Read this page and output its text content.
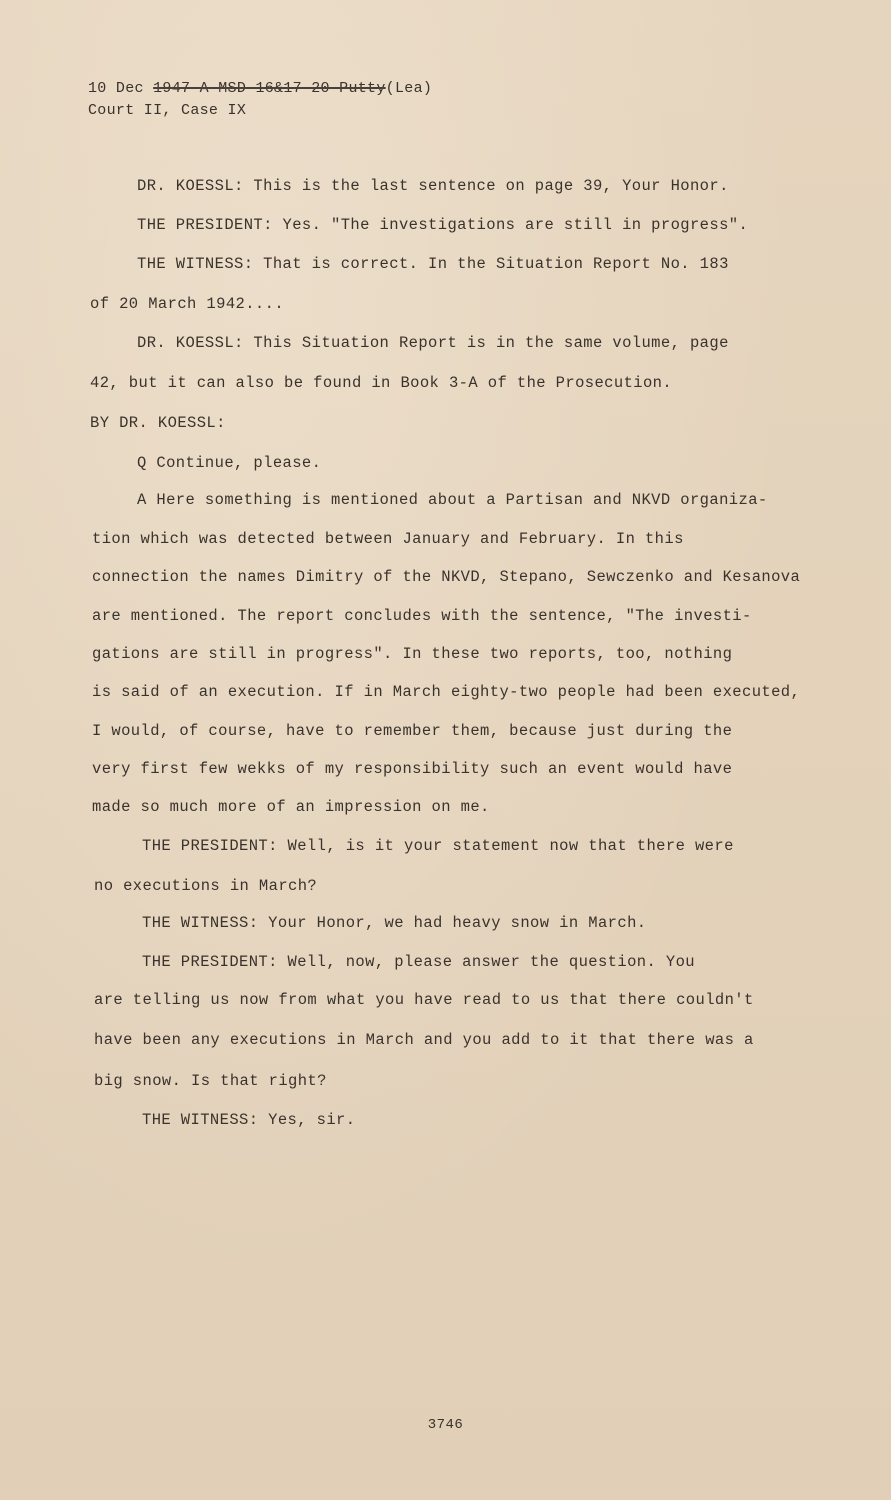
10 Dec 1947-A-MSD-16&17-20-Putty(Lea)
Court II, Case IX
DR. KOESSL: This is the last sentence on page 39, Your Honor.
THE PRESIDENT: Yes. "The investigations are still in progress".
THE WITNESS: That is correct. In the Situation Report No. 183
of 20 March 1942....
DR. KOESSL: This Situation Report is in the same volume, page
42, but it can also be found in Book 3-A of the Prosecution.
BY DR. KOESSL:
Q Continue, please.
A Here something is mentioned about a Partisan and NKVD organiza-
tion which was detected between January and February. In this
connection the names Dimitry of the NKVD, Stepano, Sewczenko and Kesanova
are mentioned. The report concludes with the sentence, "The investi-
gations are still in progress". In these two reports, too, nothing
is said of an execution. If in March eighty-two people had been executed,
I would, of course, have to remember them, because just during the
very first few wekks of my responsibility such an event would have
made so much more of an impression on me.
THE PRESIDENT: Well, is it your statement now that there were
no executions in March?
THE WITNESS: Your Honor, we had heavy snow in March.
THE PRESIDENT: Well, now, please answer the question. You
are telling us now from what you have read to us that there couldn't
have been any executions in March and you add to it that there was a
big snow. Is that right?
THE WITNESS: Yes, sir.
3746
